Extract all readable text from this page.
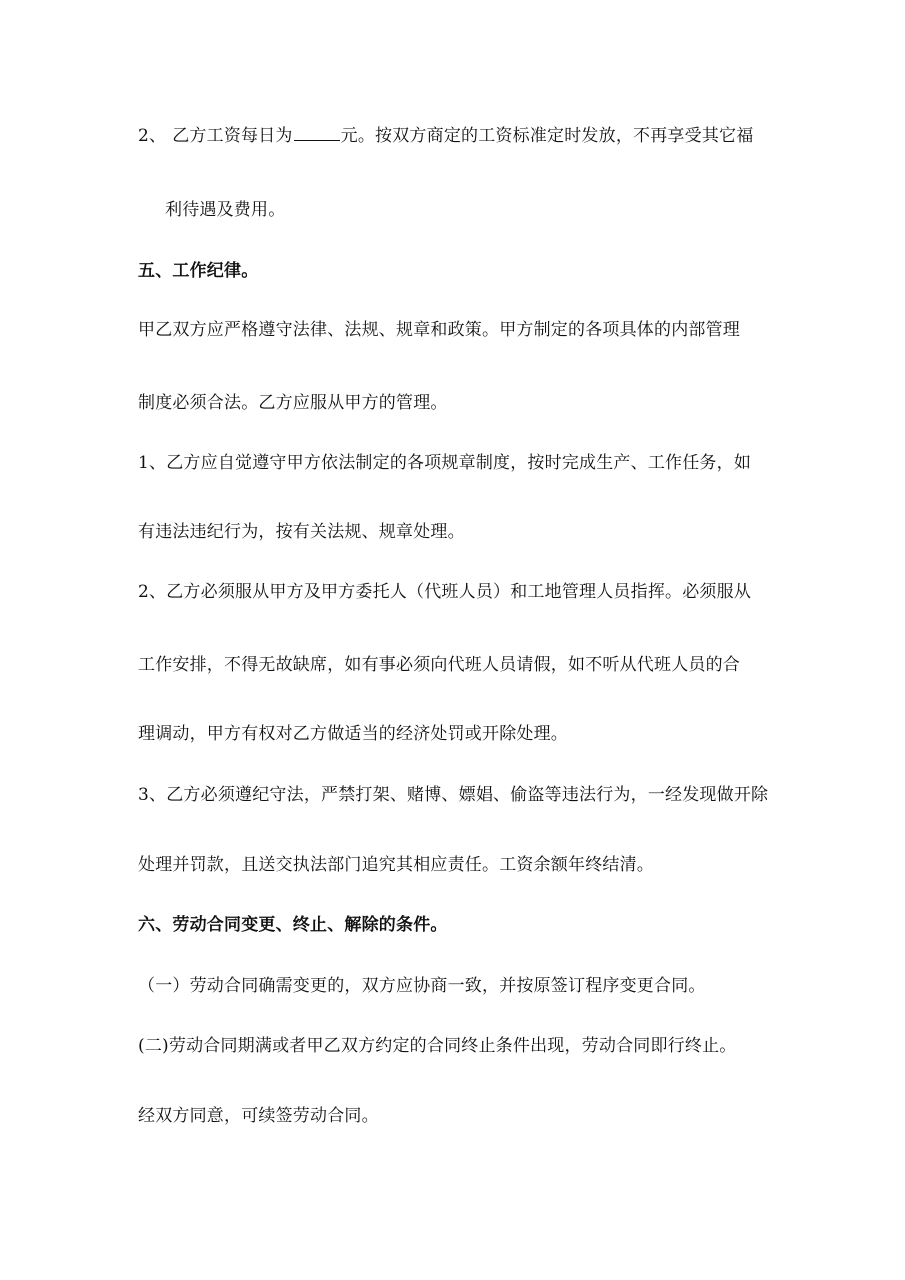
2、 乙方工资每日为	元。按双方商定的工资标准定时发放，不再享受其它福
利待遇及费用。
五、工作纪律。
甲乙双方应严格遵守法律、法规、规章和政策。甲方制定的各项具体的内部管理
制度必须合法。乙方应服从甲方的管理。
1、乙方应自觉遵守甲方依法制定的各项规章制度，按时完成生产、工作任务，如
有违法违纪行为，按有关法规、规章处理。
2、乙方必须服从甲方及甲方委托人（代班人员）和工地管理人员指挥。必须服从
工作安排，不得无故缺席，如有事必须向代班人员请假，如不听从代班人员的合
理调动，甲方有权对乙方做适当的经济处罚或开除处理。
3、乙方必须遵纪守法，严禁打架、赌博、嫖娼、偷盗等违法行为，一经发现做开除
处理并罚款，且送交执法部门追究其相应责任。工资余额年终结清。
六、劳动合同变更、终止、解除的条件。
（一）劳动合同确需变更的，双方应协商一致，并按原签订程序变更合同。
(二)劳动合同期满或者甲乙双方约定的合同终止条件出现，劳动合同即行终止。
经双方同意，可续签劳动合同。
